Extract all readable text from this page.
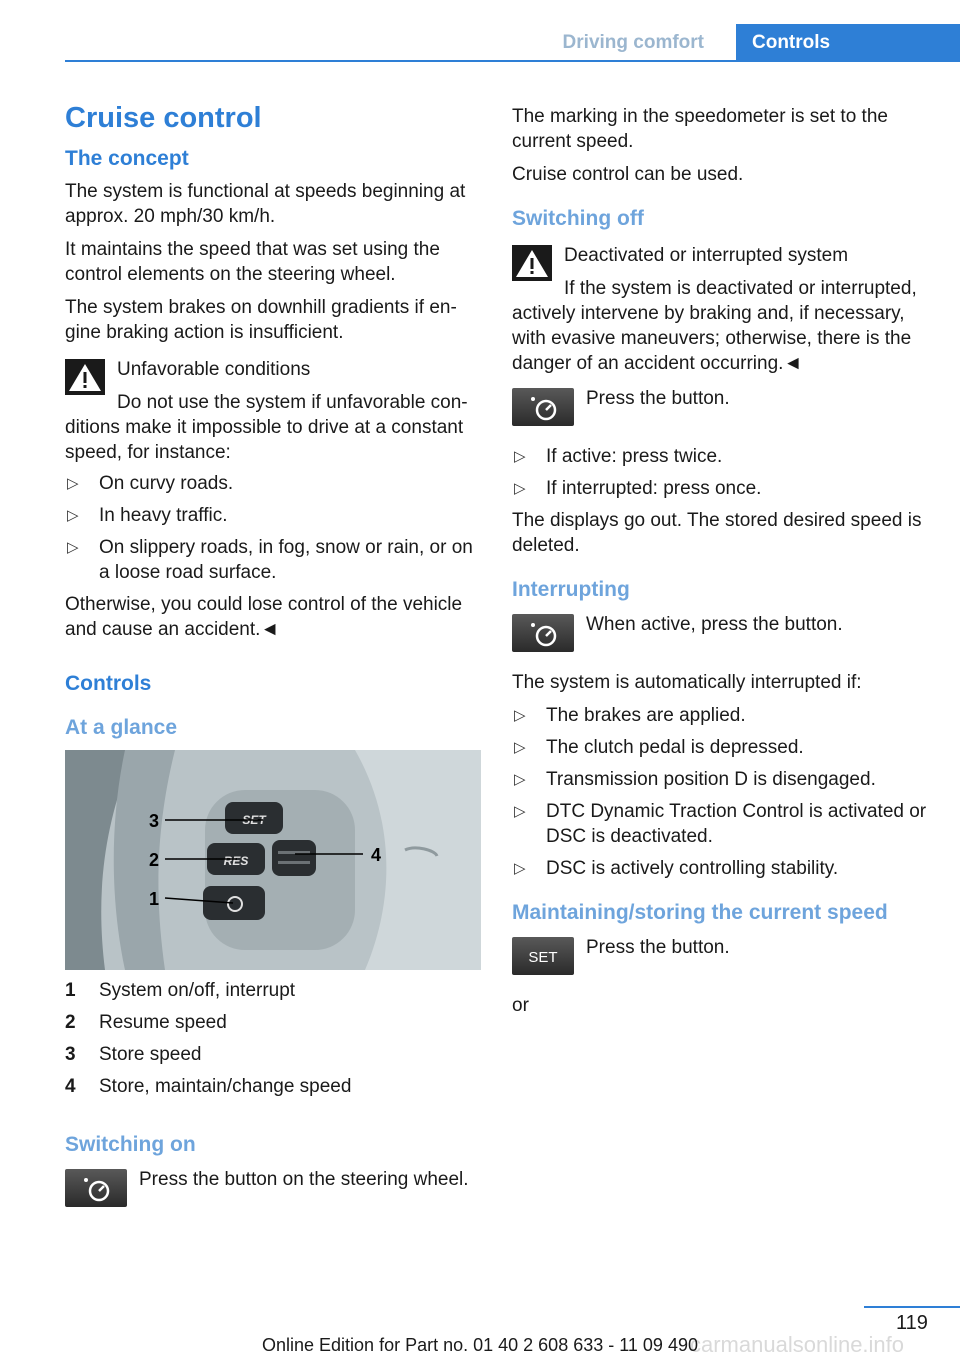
Driving comfort	Controls
Cruise control
The concept

The system is functional at speeds beginning at approx. 20 mph/30 km/h.

It maintains the speed that was set using the control elements on the steering wheel.

The system brakes on downhill gradients if en‐gine braking action is insufficient.

Unfavorable conditions

Do not use the system if unfavorable con‐ditions make it impossible to drive at a constant speed, for instance:

▷ On curvy roads.
▷ In heavy traffic.
▷ On slippery roads, in fog, snow or rain, or on a loose road surface.

Otherwise, you could lose control of the vehicle and cause an accident.◄

Controls
At a glance
SET
RES
3
2
1
4
1 System on/off, interrupt
2 Resume speed
3 Store speed
4 Store, maintain/change speed
Switching on

Press the button on the steering wheel.

The marking in the speedometer is set to the current speed.

Cruise control can be used.

Switching off

Deactivated or interrupted system

If the system is deactivated or interrupted, actively intervene by braking and, if necessary, with evasive maneuvers; otherwise, there is the danger of an accident occurring.◄

Press the button.

▷ If active: press twice.
▷ If interrupted: press once.

The displays go out. The stored desired speed is deleted.

Interrupting

When active, press the button.

The system is automatically interrupted if:

▷ The brakes are applied.
▷ The clutch pedal is depressed.
▷ Transmission position D is disengaged.
▷ DTC Dynamic Traction Control is activated or DSC is deactivated.
▷ DSC is actively controlling stability.
Maintaining/storing the current speed
SET Press the button.

or

119
carmanualsonline.info
Online Edition for Part no. 01 40 2 608 633 - 11 09 490
